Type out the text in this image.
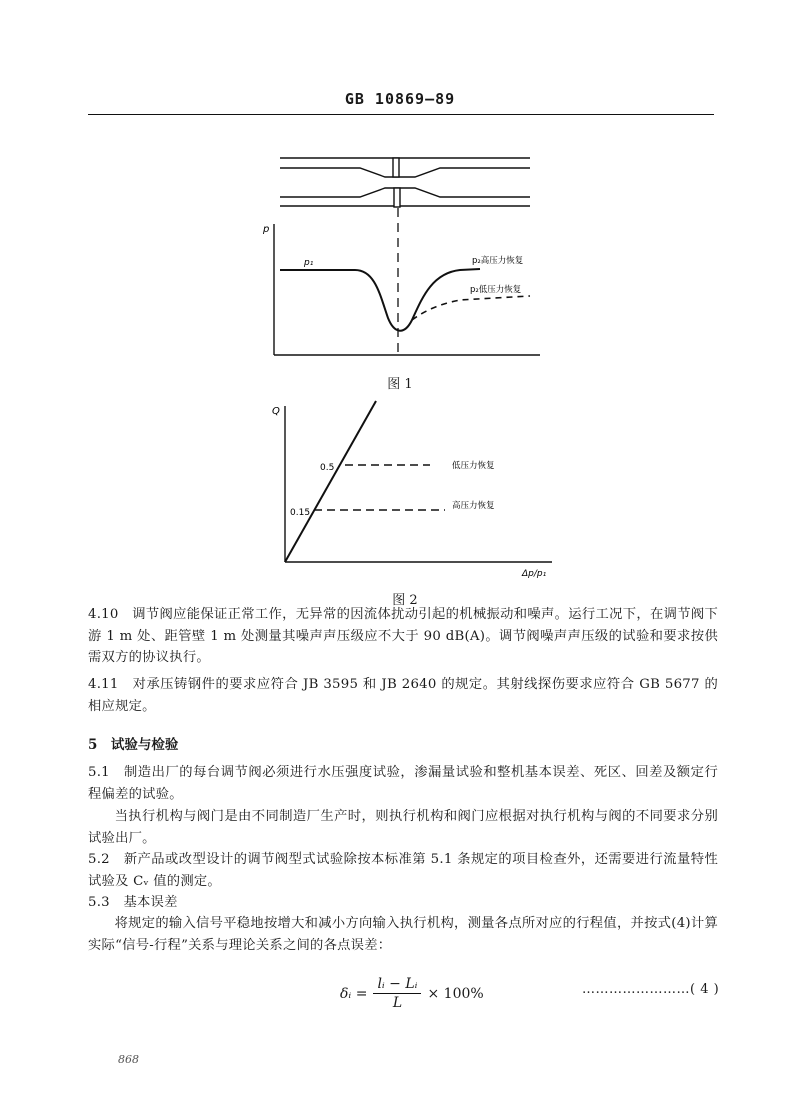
GB 10869—89
p
p₁	p₂高压力恢复
p₂低压力恢复
图 1
Q
0.5
0.15
低压力恢复
高压力恢复
Δp/p₁
图 2
4.10　调节阀应能保证正常工作，无异常的因流体扰动引起的机械振动和噪声。运行工况下，在调节阀下游 1 m 处、距管壁 1 m 处测量其噪声声压级应不大于 90 dB(A)。调节阀噪声声压级的试验和要求按供需双方的协议执行。
4.11　对承压铸钢件的要求应符合 JB 3595 和 JB 2640 的规定。其射线探伤要求应符合 GB 5677 的相应规定。
5　试验与检验
5.1　制造出厂的每台调节阀必须进行水压强度试验，渗漏量试验和整机基本误差、死区、回差及额定行程偏差的试验。
当执行机构与阀门是由不同制造厂生产时，则执行机构和阀门应根据对执行机构与阀的不同要求分别试验出厂。
5.2　新产品或改型设计的调节阀型式试验除按本标准第 5.1 条规定的项目检查外，还需要进行流量特性试验及 Cᵥ 值的测定。
5.3　基本误差
将规定的输入信号平稳地按增大和减小方向输入执行机构，测量各点所对应的行程值，并按式(4)计算实际“信号-行程”关系与理论关系之间的各点误差：
δᵢ = $\frac{\text{lᵢ − Lᵢ}}{L} \times 100\%$	……………………( 4 )
868
